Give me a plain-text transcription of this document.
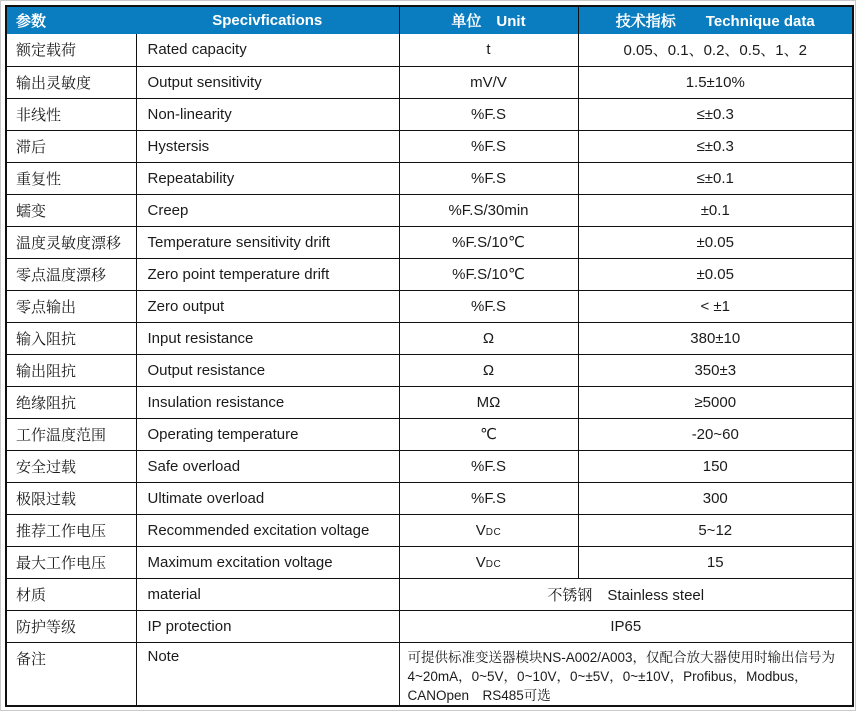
参数	Specivfications	单位　Unit	技术指标　　Technique data
额定载荷	Rated capacity	t	0.05、0.1、0.2、0.5、1、2
输出灵敏度	Output sensitivity	mV/V	1.5±10%
非线性	Non-linearity	%F.S	≤±0.3
滞后	Hystersis	%F.S	≤±0.3
重复性	Repeatability	%F.S	≤±0.1
蠕变	Creep	%F.S/30min	±0.1
温度灵敏度漂移	Temperature sensitivity drift	%F.S/10℃	±0.05
零点温度漂移	Zero point temperature drift	%F.S/10℃	±0.05
零点输出	Zero output	%F.S	< ±1
输入阻抗	Input resistance	Ω	380±10
输出阻抗	Output resistance	Ω	350±3
绝缘阻抗	Insulation resistance	MΩ	≥5000
工作温度范围	Operating temperature	℃	-20~60
安全过载	Safe overload	%F.S	150
极限过载	Ultimate overload	%F.S	300
推荐工作电压	Recommended excitation voltage	VDC	5~12
最大工作电压	Maximum excitation voltage	VDC	15
材质	material	不锈钢　Stainless steel	
防护等级	IP protection	IP65	
备注	Note	可提供标准变送器模块NS-A002/A003，仅配合放大器使用时输出信号为
4~20mA，0~5V，0~10V，0~±5V，0~±10V，Profibus，Modbus，
CANOpen　RS485可选	
